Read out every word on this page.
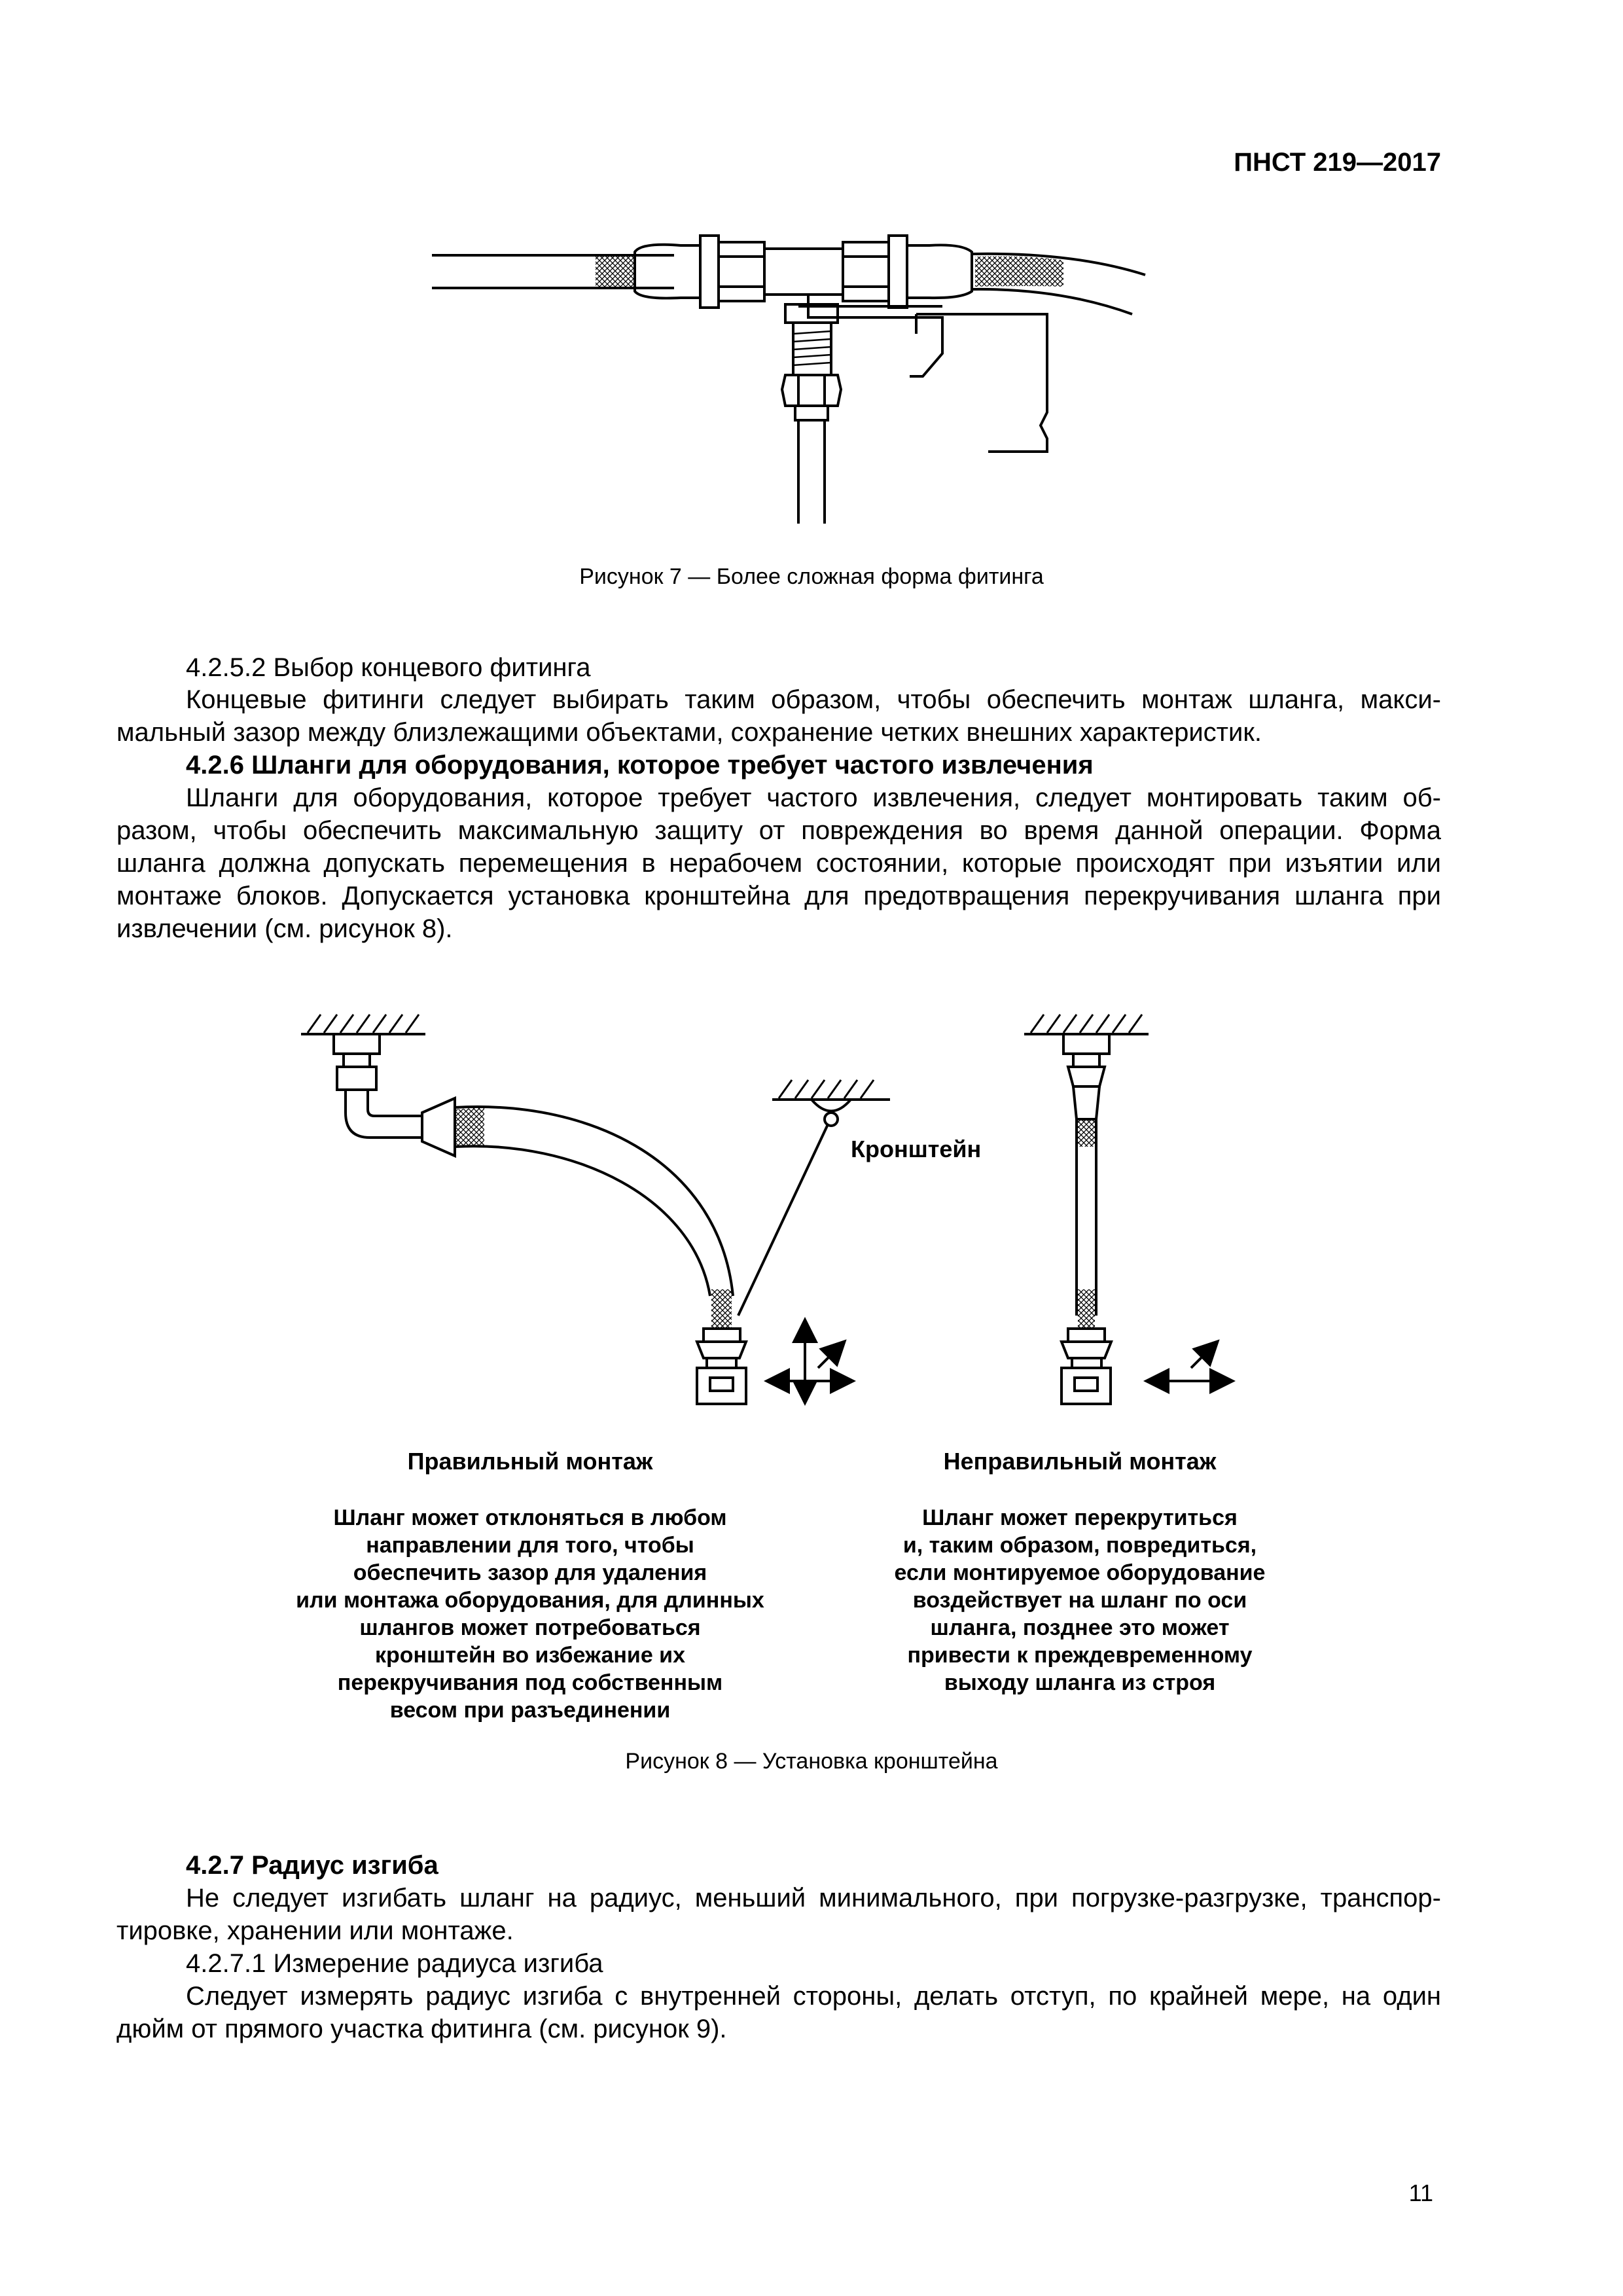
ПНСТ 219—2017
Рисунок 7 — Более сложная форма фитинга
4.2.5.2 Выбор концевого фитинга
Концевые фитинги следует выбирать таким образом, чтобы обеспечить монтаж шланга, макси-
мальный зазор между близлежащими объектами, сохранение четких внешних характеристик.
4.2.6 Шланги для оборудования, которое требует частого извлечения
Шланги для оборудования, которое требует частого извлечения, следует монтировать таким об-
разом, чтобы обеспечить максимальную защиту от повреждения во время данной операции. Форма
шланга должна допускать перемещения в нерабочем состоянии, которые происходят при изъятии или
монтаже блоков. Допускается установка кронштейна для предотвращения перекручивания шланга при
извлечении (см. рисунок 8).
Кронштейн
Правильный монтаж	Неправильный монтаж
Шланг может отклоняться в любом
направлении для того, чтобы
обеспечить зазор для удаления
или монтажа оборудования, для длинных
шлангов может потребоваться
кронштейн во избежание их
перекручивания под собственным
весом при разъединении
Шланг может перекрутиться
и, таким образом, повредиться,
если монтируемое оборудование
воздействует на шланг по оси
шланга, позднее это может
привести к преждевременному
выходу шланга из строя
Рисунок 8 — Установка кронштейна
4.2.7 Радиус изгиба
Не следует изгибать шланг на радиус, меньший минимального, при погрузке-разгрузке, транспор-
тировке, хранении или монтаже.
4.2.7.1 Измерение радиуса изгиба
Следует измерять радиус изгиба с внутренней стороны, делать отступ, по крайней мере, на один
дюйм от прямого участка фитинга (см. рисунок 9).
11
